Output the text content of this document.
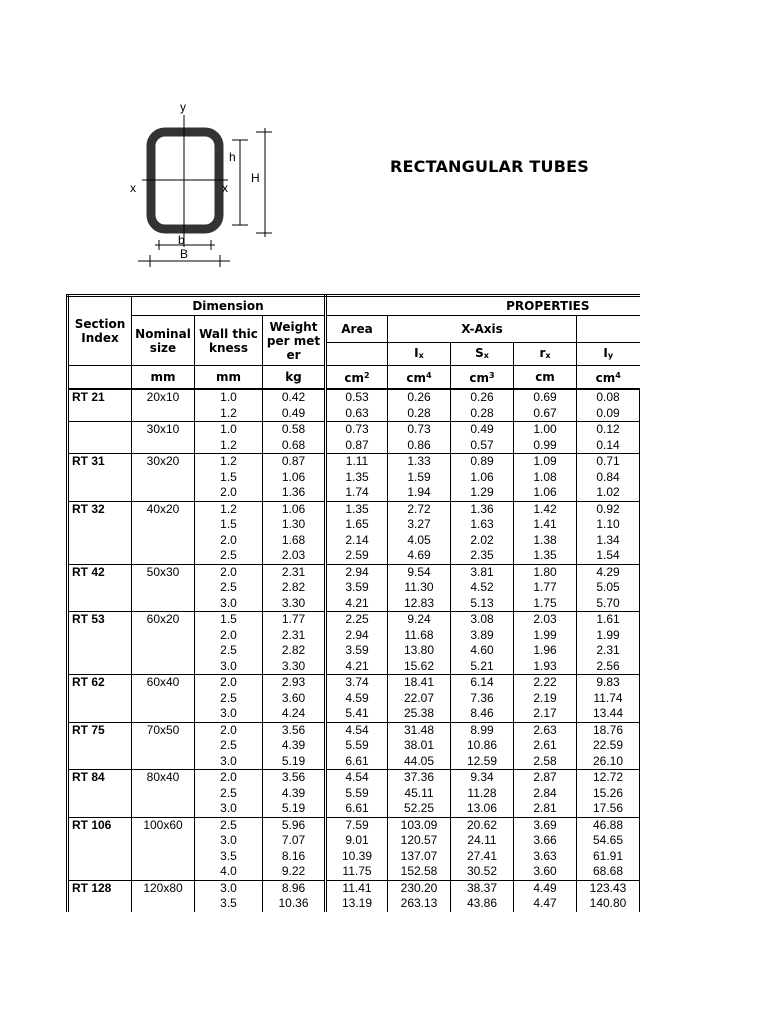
y
x	x
h
H
b
B
RECTANGULAR TUBES
Section Index	Dimension			PROPERTIES				
	Nominal size	Wall thickness	Weight per meter	Area	X-Axis			
					Ix	Sx	rx	Iy
	mm	mm	kg	$cm^2$	$cm^4$	$cm^3$	cm	$cm^4$
RT 21	20x10	1.0	0.42	0.53	0.26	0.26	0.69	0.08
		1.2	0.49	0.63	0.28	0.28	0.67	0.09
	30x10	1.0	0.58	0.73	0.73	0.49	1.00	0.12
		1.2	0.68	0.87	0.86	0.57	0.99	0.14
RT 31	30x20	1.2	0.87	1.11	1.33	0.89	1.09	0.71
		1.5	1.06	1.35	1.59	1.06	1.08	0.84
		2.0	1.36	1.74	1.94	1.29	1.06	1.02
RT 32	40x20	1.2	1.06	1.35	2.72	1.36	1.42	0.92
		1.5	1.30	1.65	3.27	1.63	1.41	1.10
		2.0	1.68	2.14	4.05	2.02	1.38	1.34
		2.5	2.03	2.59	4.69	2.35	1.35	1.54
RT 42	50x30	2.0	2.31	2.94	9.54	3.81	1.80	4.29
		2.5	2.82	3.59	11.30	4.52	1.77	5.05
		3.0	3.30	4.21	12.83	5.13	1.75	5.70
RT 53	60x20	1.5	1.77	2.25	9.24	3.08	2.03	1.61
		2.0	2.31	2.94	11.68	3.89	1.99	1.99
		2.5	2.82	3.59	13.80	4.60	1.96	2.31
		3.0	3.30	4.21	15.62	5.21	1.93	2.56
RT 62	60x40	2.0	2.93	3.74	18.41	6.14	2.22	9.83
		2.5	3.60	4.59	22.07	7.36	2.19	11.74
		3.0	4.24	5.41	25.38	8.46	2.17	13.44
RT 75	70x50	2.0	3.56	4.54	31.48	8.99	2.63	18.76
		2.5	4.39	5.59	38.01	10.86	2.61	22.59
		3.0	5.19	6.61	44.05	12.59	2.58	26.10
RT 84	80x40	2.0	3.56	4.54	37.36	9.34	2.87	12.72
		2.5	4.39	5.59	45.11	11.28	2.84	15.26
		3.0	5.19	6.61	52.25	13.06	2.81	17.56
RT 106	100x60	2.5	5.96	7.59	103.09	20.62	3.69	46.88
		3.0	7.07	9.01	120.57	24.11	3.66	54.65
		3.5	8.16	10.39	137.07	27.41	3.63	61.91
		4.0	9.22	11.75	152.58	30.52	3.60	68.68
RT 128	120x80	3.0	8.96	11.41	230.20	38.37	4.49	123.43
		3.5	10.36	13.19	263.13	43.86	4.47	140.80
